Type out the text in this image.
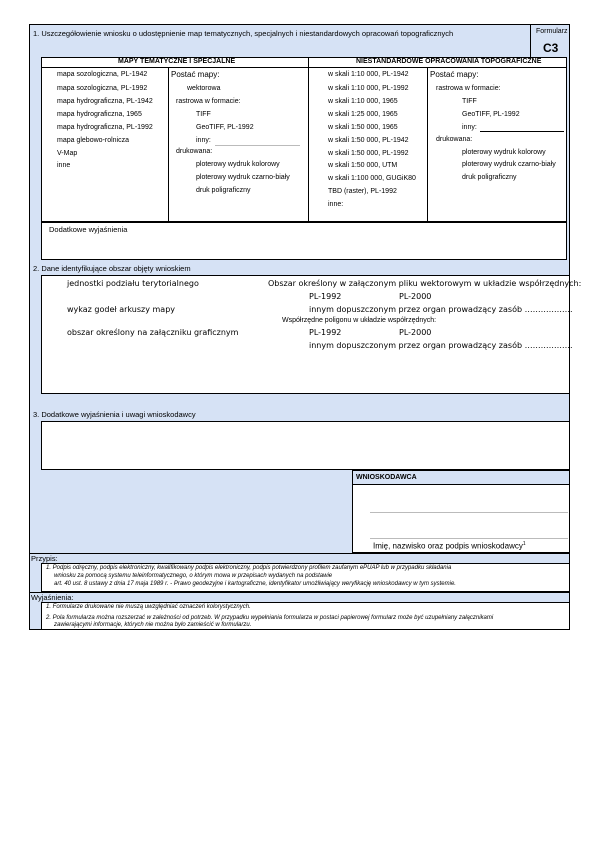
1. Uszczegółowienie wniosku o udostępnienie map tematycznych, specjalnych i niestandardowych opracowań topograficznych	Formularz
C3
MAPY TEMATYCZNE I SPECJALNE	NIESTANDARDOWE OPRACOWANIA TOPOGRAFICZNE
mapa sozologiczna, PL-1942
mapa sozologiczna, PL-1992
mapa hydrograficzna, PL-1942
mapa hydrograficzna, 1965
mapa hydrograficzna, PL-1992
mapa glebowo-rolnicza
V-Map
inne
Postać mapy:
wektorowa
rastrowa w formacie:
TIFF
GeoTIFF, PL-1992
inny:
drukowana:
ploterowy wydruk kolorowy
ploterowy wydruk czarno-biały
druk poligraficzny
w skali 1:10 000, PL-1942
w skali 1:10 000, PL-1992
w skali 1:10 000, 1965
w skali 1:25 000, 1965
w skali 1:50 000, 1965
w skali 1:50 000, PL-1942
w skali 1:50 000, PL-1992
w skali 1:50 000, UTM
w skali 1:100 000, GUGiK80
TBD (raster), PL-1992
inne:
Postać mapy:
rastrowa w formacie:
TIFF
GeoTIFF, PL-1992
inny:
drukowana:
ploterowy wydruk kolorowy
ploterowy wydruk czarno-biały
druk poligraficzny
Dodatkowe wyjaśnienia
2. Dane identyfikujące obszar objęty wnioskiem
jednostki podziału terytorialnego
wykaz godeł arkuszy mapy
obszar określony na załączniku graficznym
Obszar określony w załączonym pliku wektorowym w układzie współrzędnych:
PL-1992	PL-2000
innym dopuszczonym przez organ prowadzący zasób ………………
Współrzędne poligonu w układzie współrzędnych:
PL-1992	PL-2000
innym dopuszczonym przez organ prowadzący zasób ………………
3. Dodatkowe wyjaśnienia i uwagi wnioskodawcy
WNIOSKODAWCA
Imię, nazwisko oraz podpis wnioskodawcy$^1$
Przypis:
1. Podpis odręczny, podpis elektroniczny, kwalifikowany podpis elektroniczny, podpis potwierdzony profilem zaufanym ePUAP lub w przypadku składania
wniosku za pomocą systemu teleinformatycznego, o którym mowa w przepisach wydanych na podstawie
art. 40 ust. 8 ustawy z dnia 17 maja 1989 r. - Prawo geodezyjne i kartograficzne, identyfikator umożliwiający weryfikację wnioskodawcy w tym systemie.
Wyjaśnienia:
1. Formularze drukowane nie muszą uwzględniać oznaczeń kolorystycznych.
2. Pola formularza można rozszerzać w zależności od potrzeb. W przypadku wypełniania formularza w postaci papierowej formularz może być uzupełniany załącznikami
zawierającymi informacje, których nie można było zamieścić w formularzu.
